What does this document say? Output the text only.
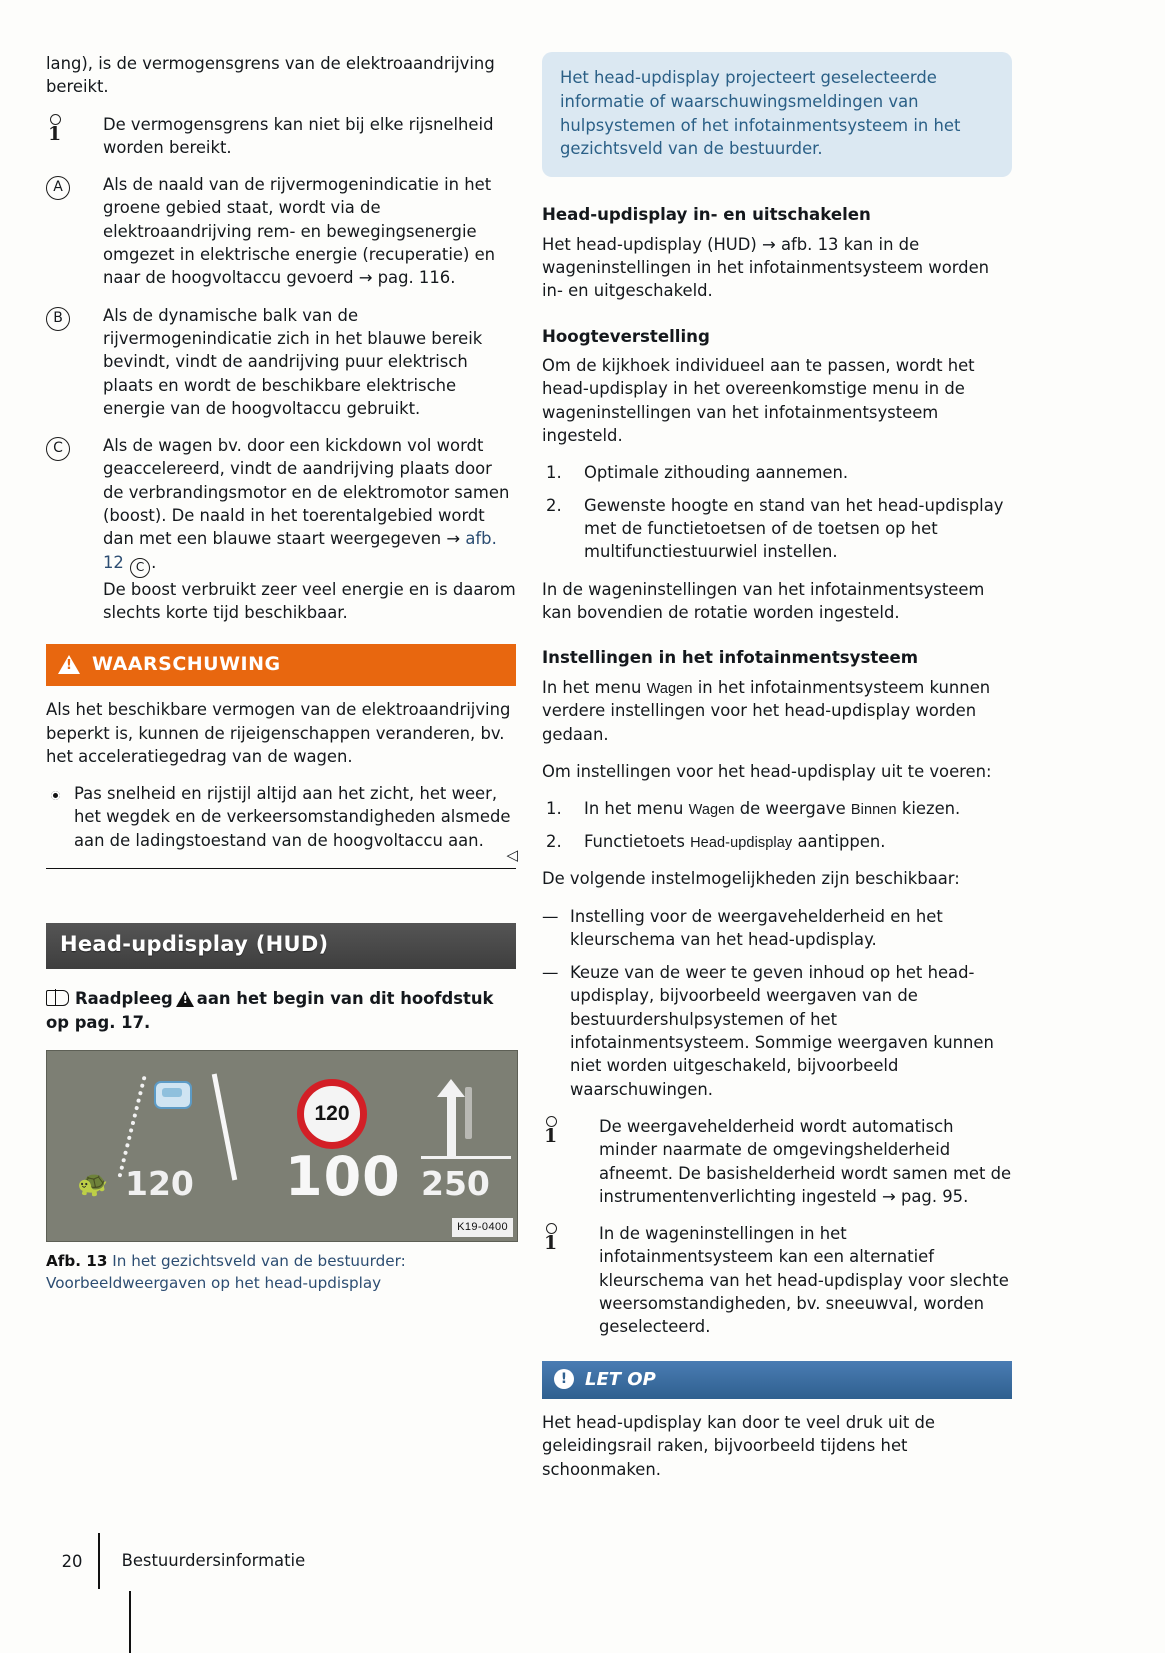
lang), is de vermogensgrens van de elektroaandrijving bereikt.

1	De vermogensgrens kan niet bij elke rijsnelheid worden bereikt.
A	Als de naald van de rijvermogenindicatie in het groene gebied staat, wordt via de elektroaandrijving rem- en bewegingsenergie omgezet in elektrische energie (recuperatie) en naar de hoogvoltaccu gevoerd → pag. 116.
B	Als de dynamische balk van de rijvermogenindicatie zich in het blauwe bereik bevindt, vindt de aandrijving puur elektrisch plaats en wordt de beschikbare elektrische energie van de hoogvoltaccu gebruikt.
C	Als de wagen bv. door een kickdown vol wordt geaccelereerd, vindt de aandrijving plaats door de verbrandingsmotor en de elektromotor samen (boost). De naald in het toerentalgebied wordt dan met een blauwe staart weergegeven → afb. 12 C .
De boost verbruikt zeer veel energie en is daarom slechts korte tijd beschikbaar.
!
WAARSCHUWING

Als het beschikbare vermogen van de elektroaandrijving beperkt is, kunnen de rijeigenschappen veranderen, bv. het acceleratiegedrag van de wagen.

Pas snelheid en rijstijl altijd aan het zicht, het weer, het wegdek en de verkeersomstandigheden alsmede aan de ladingstoestand van de hoogvoltaccu aan.
◁
Head-updisplay (HUD)
Raadpleeg ! aan het begin van dit hoofdstuk op pag. 17.
120
🐢 120 100 250
K19-0400
Afb. 13 In het gezichtsveld van de bestuurder: Voorbeeldweergaven op het head-updisplay
Het head-updisplay projecteert geselecteerde informatie of waarschuwingsmeldingen van hulpsystemen of het infotainmentsysteem in het gezichtsveld van de bestuurder.
Head-updisplay in- en uitschakelen

Het head-updisplay (HUD) → afb. 13 kan in de wageninstellingen in het infotainmentsysteem worden in- en uitgeschakeld.

Hoogteverstelling

Om de kijkhoek individueel aan te passen, wordt het head-updisplay in het overeenkomstige menu in de wageninstellingen van het infotainmentsysteem ingesteld.

Optimale zithouding aannemen.
Gewenste hoogte en stand van het head-updisplay met de functietoetsen of de toetsen op het multifunctiestuurwiel instellen.

In de wageninstellingen van het infotainmentsysteem kan bovendien de rotatie worden ingesteld.

Instellingen in het infotainmentsysteem

In het menu Wagen in het infotainmentsysteem kunnen verdere instellingen voor het head-updisplay worden gedaan.

Om instellingen voor het head-updisplay uit te voeren:

In het menu Wagen de weergave Binnen kiezen.
Functietoets Head-updisplay aantippen.

De volgende instelmogelijkheden zijn beschikbaar:

— Instelling voor de weergavehelderheid en het kleurschema van het head-updisplay.
— Keuze van de weer te geven inhoud op het head-updisplay, bijvoorbeeld weergaven van de bestuurdershulpsystemen of het infotainmentsysteem. Sommige weergaven kunnen niet worden uitgeschakeld, bijvoorbeeld waarschuwingen.
1	De weergavehelderheid wordt automatisch minder naarmate de omgevingshelderheid afneemt. De basishelderheid wordt samen met de instrumentenverlichting ingesteld → pag. 95.
1	In de wageninstellingen in het infotainmentsysteem kan een alternatief kleurschema van het head-updisplay voor slechte weersomstandigheden, bv. sneeuwval, worden geselecteerd.
! LET OP

Het head-updisplay kan door te veel druk uit de geleidingsrail raken, bijvoorbeeld tijdens het schoonmaken.

20	Bestuurdersinformatie
